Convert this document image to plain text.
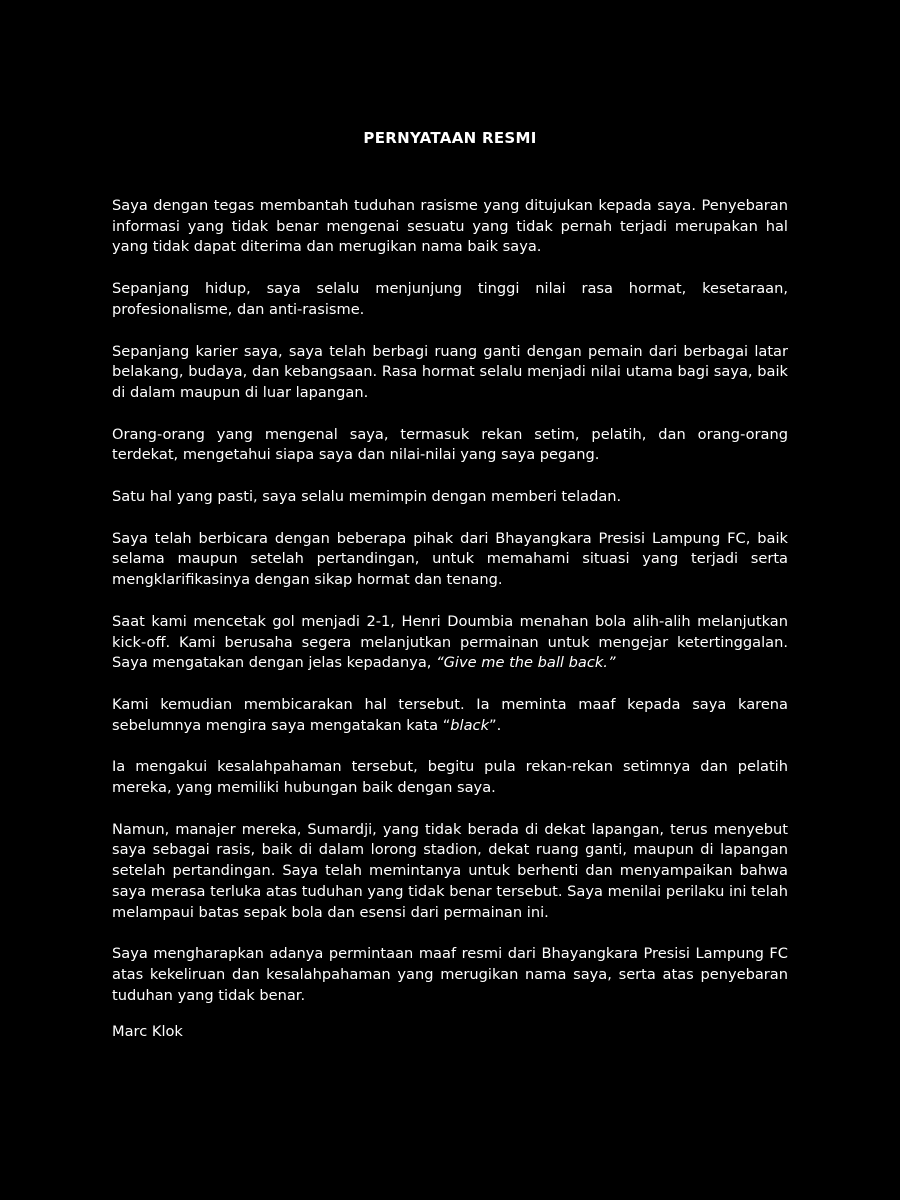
PERNYATAAN RESMI

Saya dengan tegas membantah tuduhan rasisme yang ditujukan kepada saya. Penyebaran informasi yang tidak benar mengenai sesuatu yang tidak pernah terjadi merupakan hal yang tidak dapat diterima dan merugikan nama baik saya.

Sepanjang hidup, saya selalu menjunjung tinggi nilai rasa hormat, kesetaraan, profesionalisme, dan anti-rasisme.

Sepanjang karier saya, saya telah berbagi ruang ganti dengan pemain dari berbagai latar belakang, budaya, dan kebangsaan. Rasa hormat selalu menjadi nilai utama bagi saya, baik di dalam maupun di luar lapangan.

Orang-orang yang mengenal saya, termasuk rekan setim, pelatih, dan orang-orang terdekat, mengetahui siapa saya dan nilai-nilai yang saya pegang.

Satu hal yang pasti, saya selalu memimpin dengan memberi teladan.

Saya telah berbicara dengan beberapa pihak dari Bhayangkara Presisi Lampung FC, baik selama maupun setelah pertandingan, untuk memahami situasi yang terjadi serta mengklarifikasinya dengan sikap hormat dan tenang.

Saat kami mencetak gol menjadi 2-1, Henri Doumbia menahan bola alih-alih melanjutkan kick-off. Kami berusaha segera melanjutkan permainan untuk mengejar ketertinggalan. Saya mengatakan dengan jelas kepadanya, “Give me the ball back.”

Kami kemudian membicarakan hal tersebut. Ia meminta maaf kepada saya karena sebelumnya mengira saya mengatakan kata “black”.

Ia mengakui kesalahpahaman tersebut, begitu pula rekan-rekan setimnya dan pelatih mereka, yang memiliki hubungan baik dengan saya.

Namun, manajer mereka, Sumardji, yang tidak berada di dekat lapangan, terus menyebut saya sebagai rasis, baik di dalam lorong stadion, dekat ruang ganti, maupun di lapangan setelah pertandingan. Saya telah memintanya untuk berhenti dan menyampaikan bahwa saya merasa terluka atas tuduhan yang tidak benar tersebut. Saya menilai perilaku ini telah melampaui batas sepak bola dan esensi dari permainan ini.

Saya mengharapkan adanya permintaan maaf resmi dari Bhayangkara Presisi Lampung FC atas kekeliruan dan kesalahpahaman yang merugikan nama saya, serta atas penyebaran tuduhan yang tidak benar.

Marc Klok
